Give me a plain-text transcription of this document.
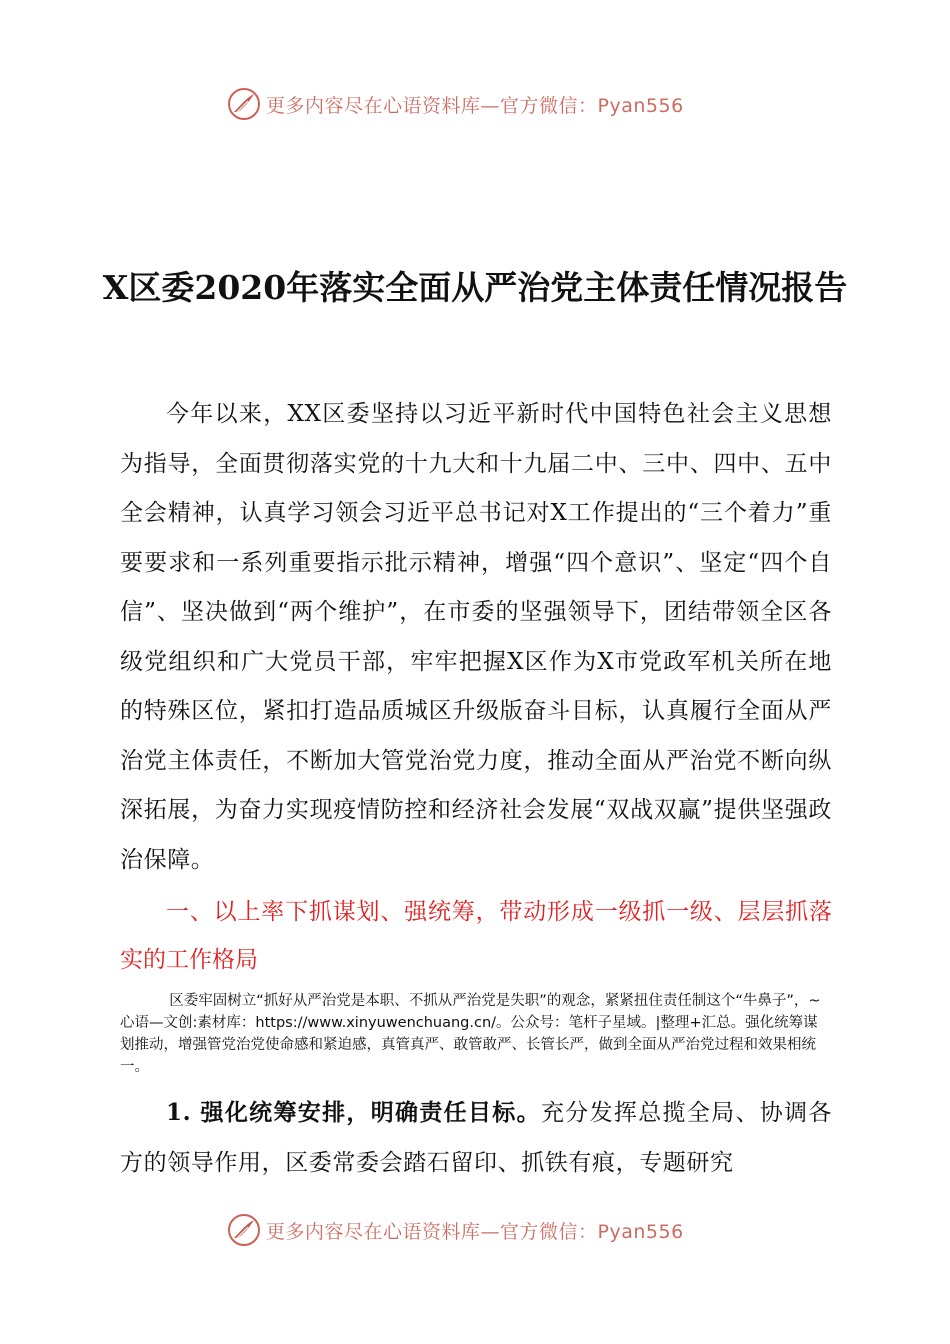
更多内容尽在心语资料库—官方微信：Pyan556
X区委2020年落实全面从严治党主体责任情况报告

今年以来，XX区委坚持以习近平新时代中国特色社会主义思想为指导，全面贯彻落实党的十九大和十九届二中、三中、四中、五中全会精神，认真学习领会习近平总书记对X工作提出的“三个着力”重要要求和一系列重要指示批示精神，增强“四个意识”、坚定“四个自信”、坚决做到“两个维护”，在市委的坚强领导下，团结带领全区各级党组织和广大党员干部，牢牢把握X区作为X市党政军机关所在地的特殊区位，紧扣打造品质城区升级版奋斗目标，认真履行全面从严治党主体责任，不断加大管党治党力度，推动全面从严治党不断向纵深拓展，为奋力实现疫情防控和经济社会发展“双战双赢”提供坚强政治保障。

一、以上率下抓谋划、强统筹，带动形成一级抓一级、层层抓落实的工作格局

区委牢固树立“抓好从严治党是本职、不抓从严治党是失职”的观念，紧紧扭住责任制这个“牛鼻子”，~心语—文创:素材库：https://www.xinyuwenchuang.cn/。公众号：笔杆子星域。|整理+汇总。强化统筹谋划推动，增强管党治党使命感和紧迫感，真管真严、敢管敢严、长管长严，做到全面从严治党过程和效果相统一。

1. 强化统筹安排，明确责任目标。充分发挥总揽全局、协调各方的领导作用，区委常委会踏石留印、抓铁有痕，专题研究

更多内容尽在心语资料库—官方微信：Pyan556
